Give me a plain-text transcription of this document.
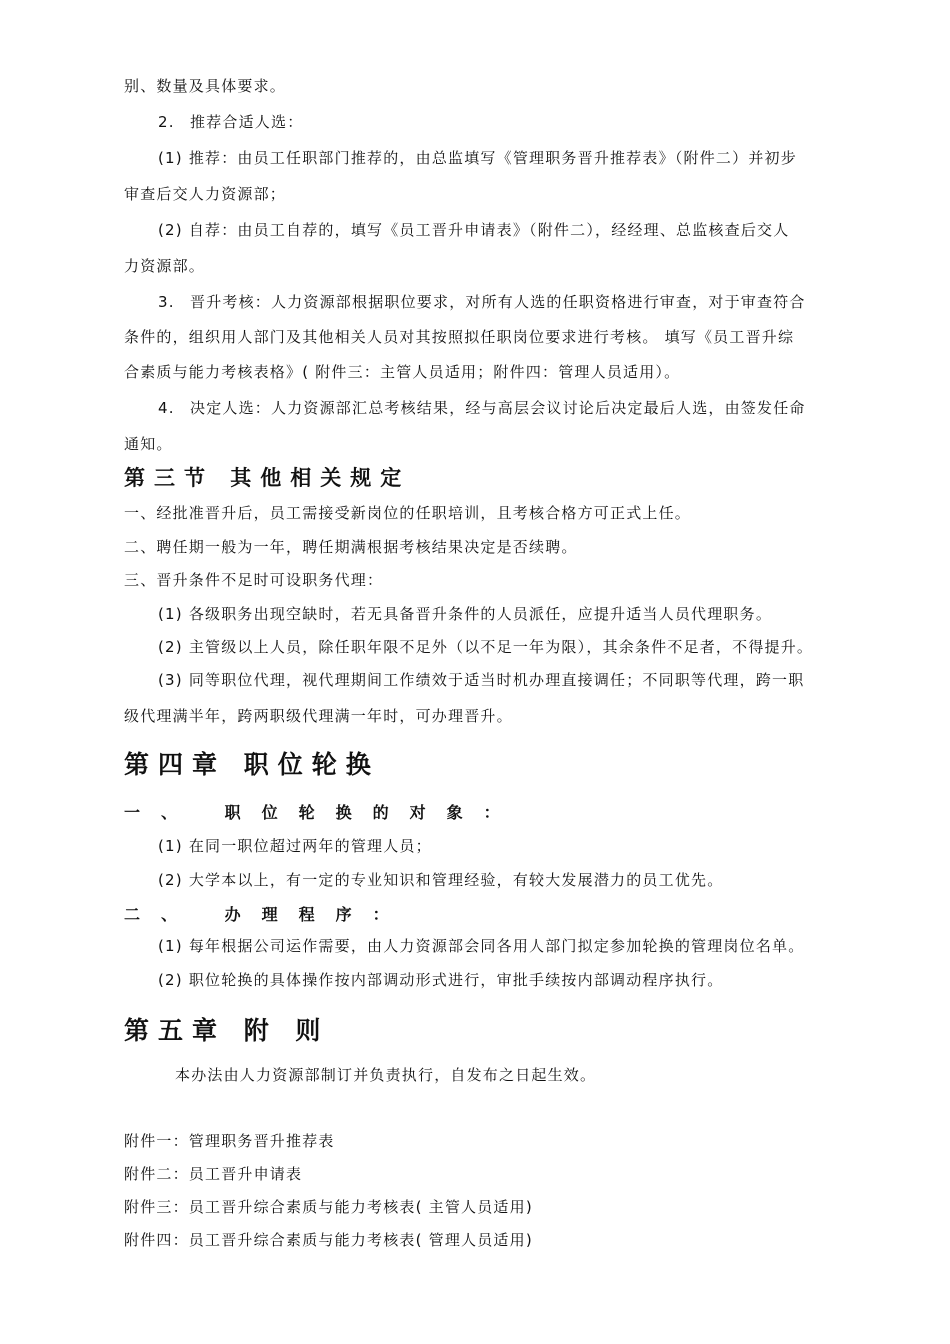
别、数量及具体要求。
2. 推荐合适人选：
(1) 推荐：由员工任职部门推荐的，由总监填写《管理职务晋升推荐表》（附件二）并初步
审查后交人力资源部；
(2) 自荐：由员工自荐的，填写《员工晋升申请表》（附件二），经经理、总监核查后交人
力资源部。
3. 晋升考核：人力资源部根据职位要求，对所有人选的任职资格进行审查，对于审查符合
条件的，组织用人部门及其他相关人员对其按照拟任职岗位要求进行考核。 填写《员工晋升综
合素质与能力考核表格》( 附件三：主管人员适用；附件四：管理人员适用）。
4. 决定人选：人力资源部汇总考核结果，经与高层会议讨论后决定最后人选，由签发任命
通知。
第三节 其他相关规定
一、经批准晋升后，员工需接受新岗位的任职培训，且考核合格方可正式上任。
二、聘任期一般为一年，聘任期满根据考核结果决定是否续聘。
三、晋升条件不足时可设职务代理：
(1) 各级职务出现空缺时，若无具备晋升条件的人员派任，应提升适当人员代理职务。
(2) 主管级以上人员，除任职年限不足外（以不足一年为限），其余条件不足者，不得提升。
(3) 同等职位代理，视代理期间工作绩效于适当时机办理直接调任；不同职等代理，跨一职
级代理满半年，跨两职级代理满一年时，可办理晋升。
第四章 职位轮换
一、 职位轮换的对象：
(1) 在同一职位超过两年的管理人员；
(2) 大学本以上，有一定的专业知识和管理经验，有较大发展潜力的员工优先。
二、 办理程序：
(1) 每年根据公司运作需要，由人力资源部会同各用人部门拟定参加轮换的管理岗位名单。
(2) 职位轮换的具体操作按内部调动形式进行，审批手续按内部调动程序执行。
第五章 附 则
本办法由人力资源部制订并负责执行，自发布之日起生效。
附件一：管理职务晋升推荐表
附件二：员工晋升申请表
附件三：员工晋升综合素质与能力考核表( 主管人员适用)
附件四：员工晋升综合素质与能力考核表( 管理人员适用)
